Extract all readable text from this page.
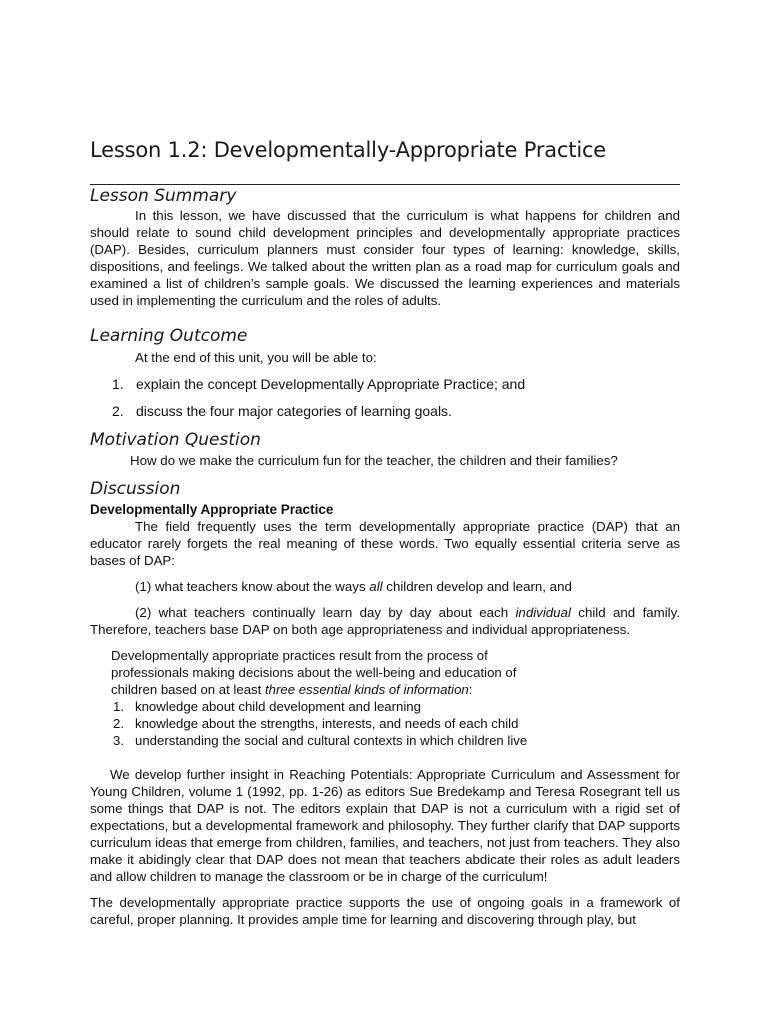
Lesson 1.2: Developmentally-Appropriate Practice
Lesson Summary

In this lesson, we have discussed that the curriculum is what happens for children and should relate to sound child development principles and developmentally appropriate practices (DAP). Besides, curriculum planners must consider four types of learning: knowledge, skills, dispositions, and feelings. We talked about the written plan as a road map for curriculum goals and examined a list of children’s sample goals. We discussed the learning experiences and materials used in implementing the curriculum and the roles of adults.

Learning Outcome

At the end of this unit, you will be able to:

1. explain the concept Developmentally Appropriate Practice; and
2. discuss the four major categories of learning goals.
Motivation Question

How do we make the curriculum fun for the teacher, the children and their families?

Discussion
Developmentally Appropriate Practice

The field frequently uses the term developmentally appropriate practice (DAP) that an educator rarely forgets the real meaning of these words. Two equally essential criteria serve as bases of DAP:

(1) what teachers know about the ways all children develop and learn, and

(2) what teachers continually learn day by day about each individual child and family. Therefore, teachers base DAP on both age appropriateness and individual appropriateness.

Developmentally appropriate practices result from the process of

professionals making decisions about the well-being and education of

children based on at least three essential kinds of information:

1. knowledge about child development and learning
2. knowledge about the strengths, interests, and needs of each child
3. understanding the social and cultural contexts in which children live

We develop further insight in Reaching Potentials: Appropriate Curriculum and Assessment for Young Children, volume 1 (1992, pp. 1-26) as editors Sue Bredekamp and Teresa Rosegrant tell us some things that DAP is not. The editors explain that DAP is not a curriculum with a rigid set of expectations, but a developmental framework and philosophy. They further clarify that DAP supports curriculum ideas that emerge from children, families, and teachers, not just from teachers. They also make it abidingly clear that DAP does not mean that teachers abdicate their roles as adult leaders and allow children to manage the classroom or be in charge of the curriculum!

The developmentally appropriate practice supports the use of ongoing goals in a framework of careful, proper planning. It provides ample time for learning and discovering through play, but
